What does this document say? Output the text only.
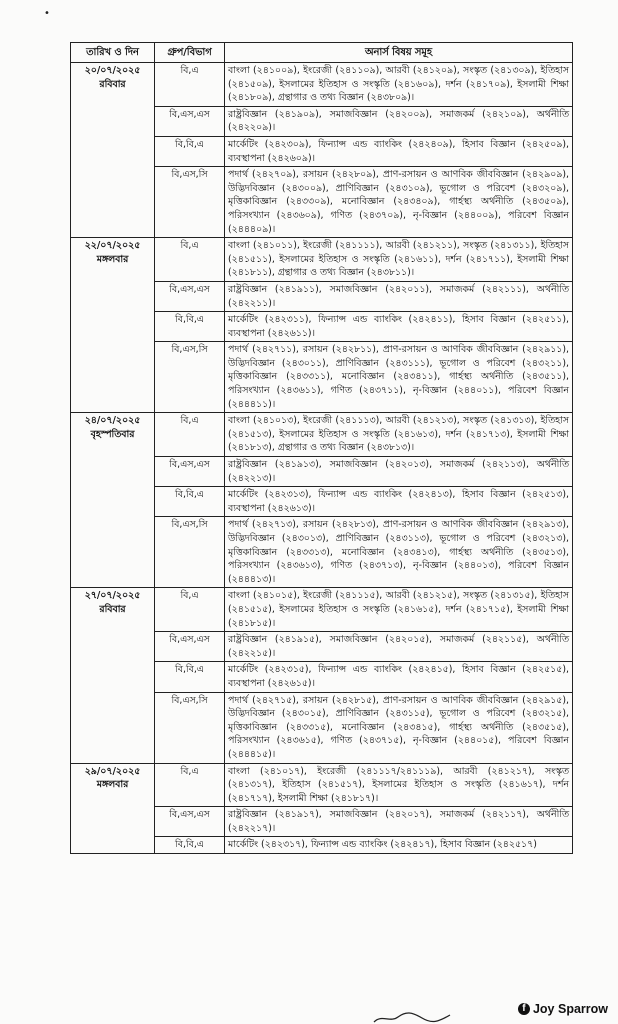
•
তারিখ ও দিন	গ্রুপ/বিভাগ	অনার্স বিষয় সমূহ

২০/০৭/২০২৫
রবিবার	বি,এ	বাংলা (২৪১০০৯), ইংরেজী (২৪১১০৯), আরবী (২৪১২০৯), সংস্কৃত (২৪১৩০৯), ইতিহাস (২৪১৫০৯), ইসলামের ইতিহাস ও সংস্কৃতি (২৪১৬০৯), দর্শন (২৪১৭০৯), ইসলামী শিক্ষা (২৪১৮০৯), গ্রন্থাগার ও তথ্য বিজ্ঞান (২৪৩৮০৯)।
	বি,এস,এস	রাষ্ট্রবিজ্ঞান (২৪১৯০৯), সমাজবিজ্ঞান (২৪২০০৯), সমাজকর্ম (২৪২১০৯), অর্থনীতি (২৪২২০৯)।
	বি,বি,এ	মার্কেটিং (২৪২৩০৯), ফিন্যান্স এন্ড ব্যাংকিং (২৪২৪০৯), হিসাব বিজ্ঞান (২৪২৫০৯), ব্যবস্থাপনা (২৪২৬০৯)।
	বি,এস,সি	পদার্থ (২৪২৭০৯), রসায়ন (২৪২৮০৯), প্রাণ-রসায়ন ও আণবিক জীববিজ্ঞান (২৪২৯০৯), উদ্ভিদবিজ্ঞান (২৪৩০০৯), প্রাণিবিজ্ঞান (২৪৩১০৯), ভূগোল ও পরিবেশ (২৪৩২০৯), মৃত্তিকাবিজ্ঞান (২৪৩৩০৯), মনোবিজ্ঞান (২৪৩৪০৯), গার্হস্থ্য অর্থনীতি (২৪৩৫০৯), পরিসংখ্যান (২৪৩৬০৯), গণিত (২৪৩৭০৯), নৃ-বিজ্ঞান (২৪৪০০৯), পরিবেশ বিজ্ঞান (২৪৪৪০৯)।

২২/০৭/২০২৫
মঙ্গলবার	বি,এ	বাংলা (২৪১০১১), ইংরেজী (২৪১১১১), আরবী (২৪১২১১), সংস্কৃত (২৪১৩১১), ইতিহাস (২৪১৫১১), ইসলামের ইতিহাস ও সংস্কৃতি (২৪১৬১১), দর্শন (২৪১৭১১), ইসলামী শিক্ষা (২৪১৮১১), গ্রন্থাগার ও তথ্য বিজ্ঞান (২৪৩৮১১)।
	বি,এস,এস	রাষ্ট্রবিজ্ঞান (২৪১৯১১), সমাজবিজ্ঞান (২৪২০১১), সমাজকর্ম (২৪২১১১), অর্থনীতি (২৪২২১১)।
	বি,বি,এ	মার্কেটিং (২৪২৩১১), ফিন্যান্স এন্ড ব্যাংকিং (২৪২৪১১), হিসাব বিজ্ঞান (২৪২৫১১), ব্যবস্থাপনা (২৪২৬১১)।
	বি,এস,সি	পদার্থ (২৪২৭১১), রসায়ন (২৪২৮১১), প্রাণ-রসায়ন ও আণবিক জীববিজ্ঞান (২৪২৯১১), উদ্ভিদবিজ্ঞান (২৪৩০১১), প্রাণিবিজ্ঞান (২৪৩১১১), ভূগোল ও পরিবেশ (২৪৩২১১), মৃত্তিকাবিজ্ঞান (২৪৩৩১১), মনোবিজ্ঞান (২৪৩৪১১), গার্হস্থ্য অর্থনীতি (২৪৩৫১১), পরিসংখ্যান (২৪৩৬১১), গণিত (২৪৩৭১১), নৃ-বিজ্ঞান (২৪৪০১১), পরিবেশ বিজ্ঞান (২৪৪৪১১)।

২৪/০৭/২০২৫
বৃহস্পতিবার	বি,এ	বাংলা (২৪১০১৩), ইংরেজী (২৪১১১৩), আরবী (২৪১২১৩), সংস্কৃত (২৪১৩১৩), ইতিহাস (২৪১৫১৩), ইসলামের ইতিহাস ও সংস্কৃতি (২৪১৬১৩), দর্শন (২৪১৭১৩), ইসলামী শিক্ষা (২৪১৮১৩), গ্রন্থাগার ও তথ্য বিজ্ঞান (২৪৩৮১৩)।
	বি,এস,এস	রাষ্ট্রবিজ্ঞান (২৪১৯১৩), সমাজবিজ্ঞান (২৪২০১৩), সমাজকর্ম (২৪২১১৩), অর্থনীতি (২৪২২১৩)।
	বি,বি,এ	মার্কেটিং (২৪২৩১৩), ফিন্যান্স এন্ড ব্যাংকিং (২৪২৪১৩), হিসাব বিজ্ঞান (২৪২৫১৩), ব্যবস্থাপনা (২৪২৬১৩)।
	বি,এস,সি	পদার্থ (২৪২৭১৩), রসায়ন (২৪২৮১৩), প্রাণ-রসায়ন ও আণবিক জীববিজ্ঞান (২৪২৯১৩), উদ্ভিদবিজ্ঞান (২৪৩০১৩), প্রাণিবিজ্ঞান (২৪৩১১৩), ভূগোল ও পরিবেশ (২৪৩২১৩), মৃত্তিকাবিজ্ঞান (২৪৩৩১৩), মনোবিজ্ঞান (২৪৩৪১৩), গার্হস্থ্য অর্থনীতি (২৪৩৫১৩), পরিসংখ্যান (২৪৩৬১৩), গণিত (২৪৩৭১৩), নৃ-বিজ্ঞান (২৪৪০১৩), পরিবেশ বিজ্ঞান (২৪৪৪১৩)।

২৭/০৭/২০২৫
রবিবার	বি,এ	বাংলা (২৪১০১৫), ইংরেজী (২৪১১১৫), আরবী (২৪১২১৫), সংস্কৃত (২৪১৩১৫), ইতিহাস (২৪১৫১৫), ইসলামের ইতিহাস ও সংস্কৃতি (২৪১৬১৫), দর্শন (২৪১৭১৫), ইসলামী শিক্ষা (২৪১৮১৫)।
	বি,এস,এস	রাষ্ট্রবিজ্ঞান (২৪১৯১৫), সমাজবিজ্ঞান (২৪২০১৫), সমাজকর্ম (২৪২১১৫), অর্থনীতি (২৪২২১৫)।
	বি,বি,এ	মার্কেটিং (২৪২৩১৫), ফিন্যান্স এন্ড ব্যাংকিং (২৪২৪১৫), হিসাব বিজ্ঞান (২৪২৫১৫), ব্যবস্থাপনা (২৪২৬১৫)।
	বি,এস,সি	পদার্থ (২৪২৭১৫), রসায়ন (২৪২৮১৫), প্রাণ-রসায়ন ও আণবিক জীববিজ্ঞান (২৪২৯১৫), উদ্ভিদবিজ্ঞান (২৪৩০১৫), প্রাণিবিজ্ঞান (২৪৩১১৫), ভূগোল ও পরিবেশ (২৪৩২১৫), মৃত্তিকাবিজ্ঞান (২৪৩৩১৫), মনোবিজ্ঞান (২৪৩৪১৫), গার্হস্থ্য অর্থনীতি (২৪৩৫১৫), পরিসংখ্যান (২৪৩৬১৫), গণিত (২৪৩৭১৫), নৃ-বিজ্ঞান (২৪৪০১৫), পরিবেশ বিজ্ঞান (২৪৪৪১৫)।

২৯/০৭/২০২৫
মঙ্গলবার	বি,এ	বাংলা (২৪১০১৭), ইংরেজী (২৪১১১৭/২৪১১১৯), আরবী (২৪১২১৭), সংস্কৃত (২৪১৩১৭), ইতিহাস (২৪১৫১৭), ইসলামের ইতিহাস ও সংস্কৃতি (২৪১৬১৭), দর্শন (২৪১৭১৭), ইসলামী শিক্ষা (২৪১৮১৭)।
	বি,এস,এস	রাষ্ট্রবিজ্ঞান (২৪১৯১৭), সমাজবিজ্ঞান (২৪২০১৭), সমাজকর্ম (২৪২১১৭), অর্থনীতি (২৪২২১৭)।
	বি,বি,এ	মার্কেটিং (২৪২৩১৭), ফিন্যান্স এন্ড ব্যাংকিং (২৪২৪১৭), হিসাব বিজ্ঞান (২৪২৫১৭)
f Joy Sparrow
